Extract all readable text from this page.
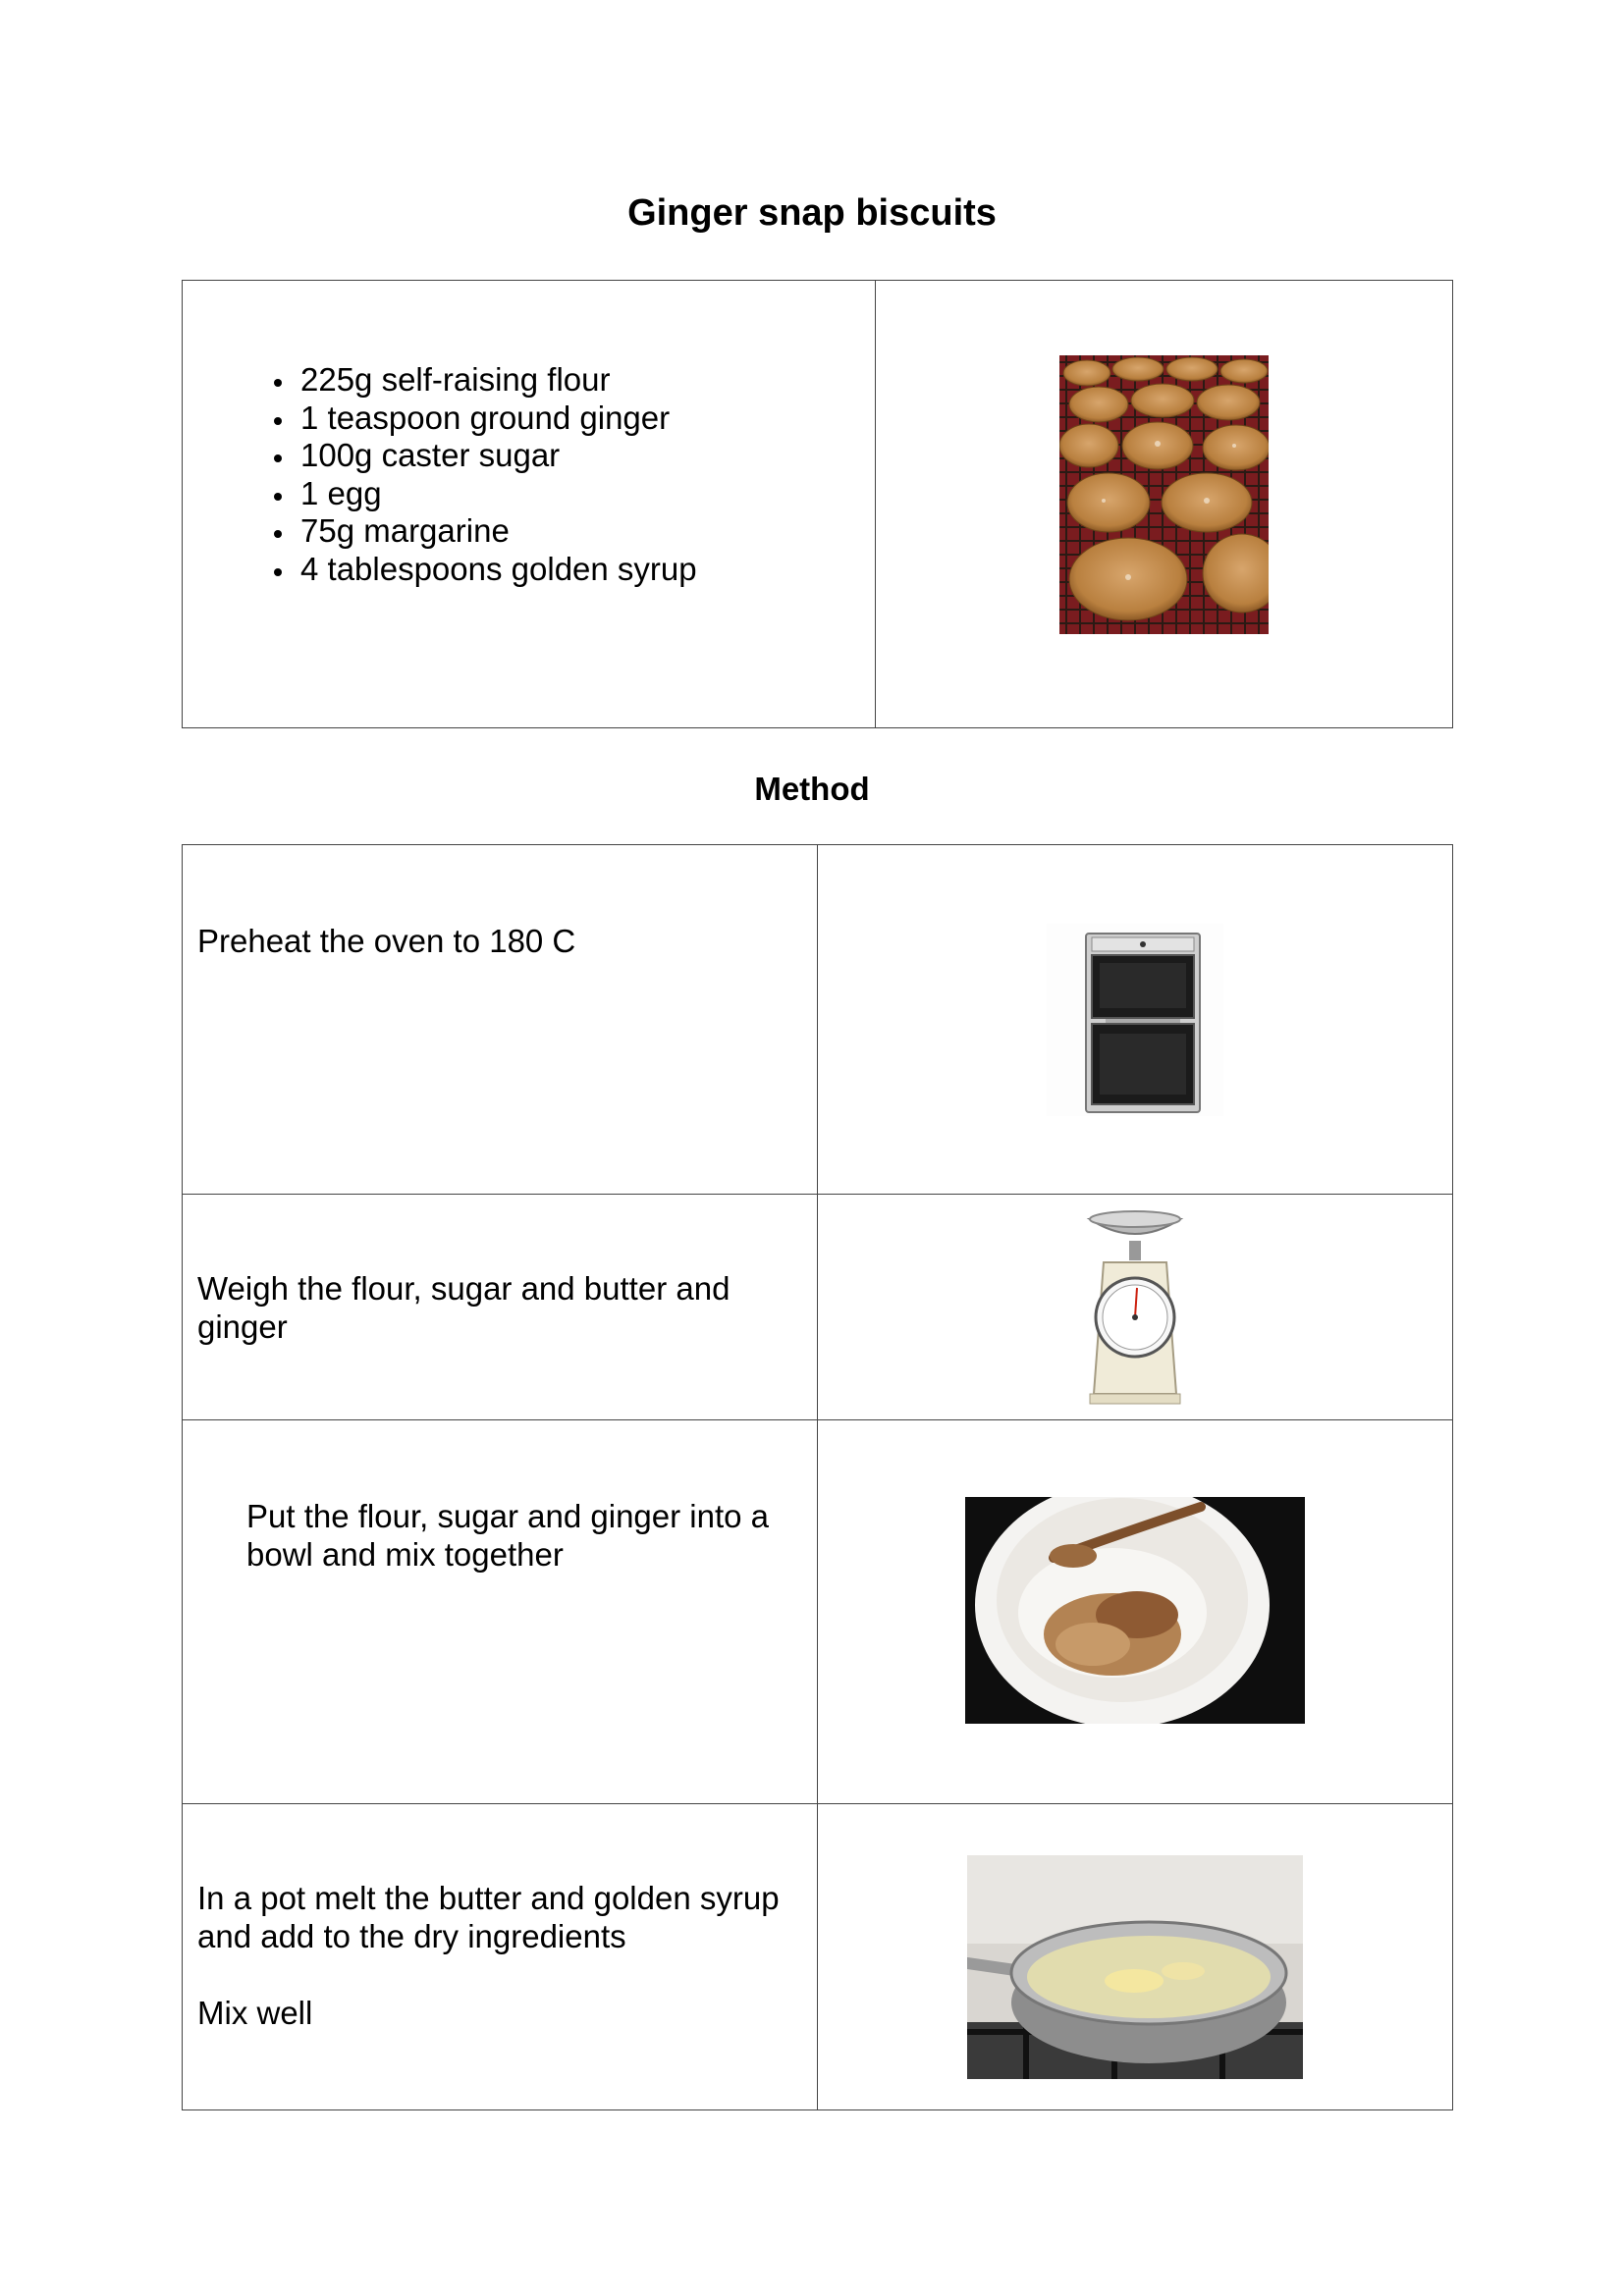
Ginger snap biscuits
• 225g self-raising flour
• 1 teaspoon ground ginger
• 100g caster sugar
• 1 egg
• 75g margarine
• 4 tablespoons golden syrup

Method
Preheat the oven to 180 C

Weigh the flour, sugar and butter and ginger

Put the flour, sugar and ginger into a bowl and mix together

In a pot melt the butter and golden syrup and add to the dry ingredients
Mix well
